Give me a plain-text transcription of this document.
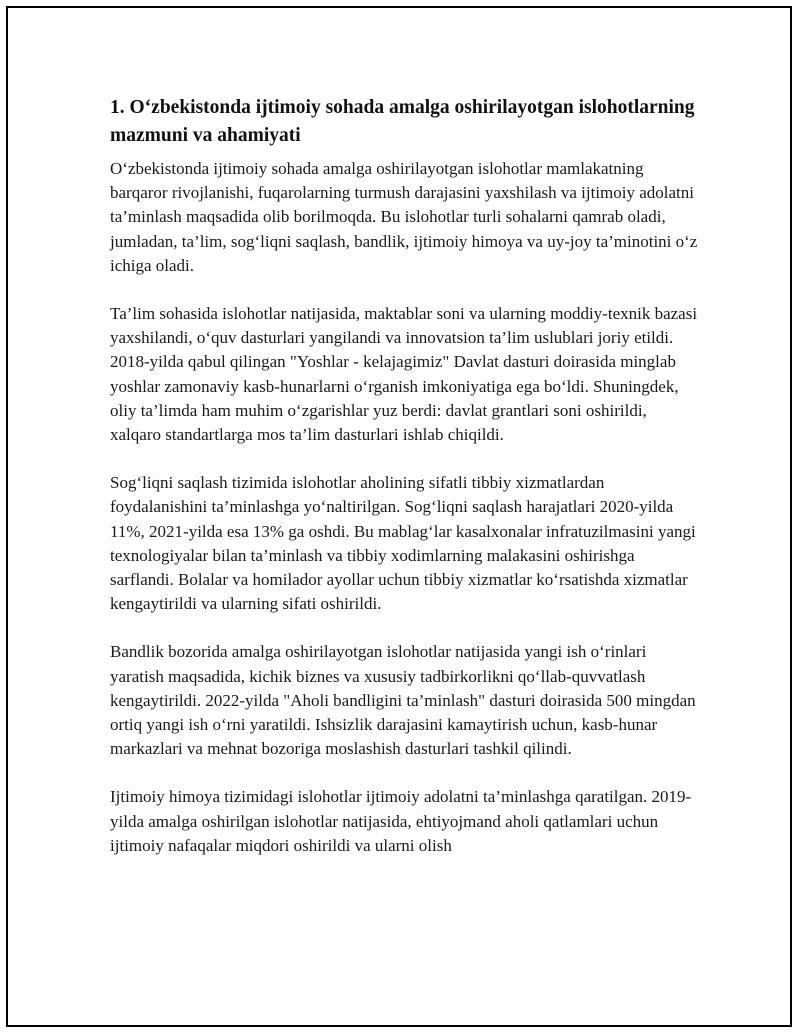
1. O‘zbekistonda ijtimoiy sohada amalga oshirilayotgan islohotlarning mazmuni va ahamiyati

O‘zbekistonda ijtimoiy sohada amalga oshirilayotgan islohotlar mamlakatning barqaror rivojlanishi, fuqarolarning turmush darajasini yaxshilash va ijtimoiy adolatni ta’minlash maqsadida olib borilmoqda. Bu islohotlar turli sohalarni qamrab oladi, jumladan, ta’lim, sog‘liqni saqlash, bandlik, ijtimoiy himoya va uy-joy ta’minotini o‘z ichiga oladi.

Ta’lim sohasida islohotlar natijasida, maktablar soni va ularning moddiy-texnik bazasi yaxshilandi, o‘quv dasturlari yangilandi va innovatsion ta’lim uslublari joriy etildi. 2018-yilda qabul qilingan "Yoshlar - kelajagimiz" Davlat dasturi doirasida minglab yoshlar zamonaviy kasb-hunarlarni o‘rganish imkoniyatiga ega bo‘ldi. Shuningdek, oliy ta’limda ham muhim o‘zgarishlar yuz berdi: davlat grantlari soni oshirildi, xalqaro standartlarga mos ta’lim dasturlari ishlab chiqildi.

Sog‘liqni saqlash tizimida islohotlar aholining sifatli tibbiy xizmatlardan foydalanishini ta’minlashga yo‘naltirilgan. Sog‘liqni saqlash harajatlari 2020-yilda 11%, 2021-yilda esa 13% ga oshdi. Bu mablag‘lar kasalxonalar infratuzilmasini yangi texnologiyalar bilan ta’minlash va tibbiy xodimlarning malakasini oshirishga sarflandi. Bolalar va homilador ayollar uchun tibbiy xizmatlar ko‘rsatishda xizmatlar kengaytirildi va ularning sifati oshirildi.

Bandlik bozorida amalga oshirilayotgan islohotlar natijasida yangi ish o‘rinlari yaratish maqsadida, kichik biznes va xususiy tadbirkorlikni qo‘llab-quvvatlash kengaytirildi. 2022-yilda "Aholi bandligini ta’minlash" dasturi doirasida 500 mingdan ortiq yangi ish o‘rni yaratildi. Ishsizlik darajasini kamaytirish uchun, kasb-hunar markazlari va mehnat bozoriga moslashish dasturlari tashkil qilindi.

Ijtimoiy himoya tizimidagi islohotlar ijtimoiy adolatni ta’minlashga qaratilgan. 2019-yilda amalga oshirilgan islohotlar natijasida, ehtiyojmand aholi qatlamlari uchun ijtimoiy nafaqalar miqdori oshirildi va ularni olish
